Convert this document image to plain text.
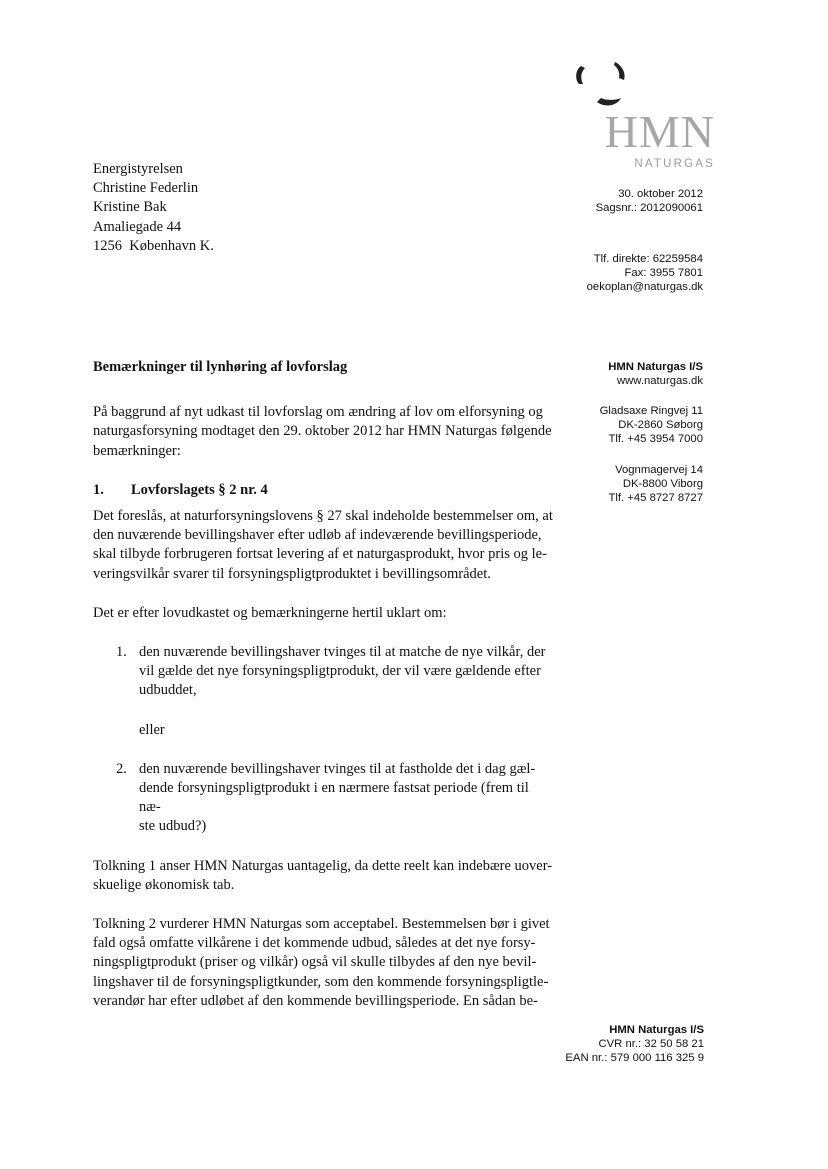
HMN
NATURGAS
Energistyrelsen
Christine Federlin
Kristine Bak
Amaliegade 44
1256  København K.
30. oktober 2012
Sagsnr.: 2012090061
Tlf. direkte: 62259584
Fax: 3955 7801
oekoplan@naturgas.dk
HMN Naturgas I/S
www.naturgas.dk
Gladsaxe Ringvej 11
DK-2860 Søborg
Tlf. +45 3954 7000
Vognmagervej 14
DK-8800 Viborg
Tlf. +45 8727 8727

Bemærkninger til lynhøring af lovforslag

På baggrund af nyt udkast til lovforslag om ændring af lov om elforsyning og
naturgasforsyning modtaget den 29. oktober 2012 har HMN Naturgas følgende
bemærkninger:

1.	Lovforslagets § 2 nr. 4

Det foreslås, at naturforsyningslovens § 27 skal indeholde bestemmelser om, at
den nuværende bevillingshaver efter udløb af indeværende bevillingsperiode,
skal tilbyde forbrugeren fortsat levering af et naturgasprodukt, hvor pris og le-
veringsvilkår svarer til forsyningspligtproduktet i bevillingsområdet.

Det er efter lovudkastet og bemærkningerne hertil uklart om:

1. den nuværende bevillingshaver tvinges til at matche de nye vilkår, der
vil gælde det nye forsyningspligtprodukt, der vil være gældende efter
udbuddet,
eller
2. den nuværende bevillingshaver tvinges til at fastholde det i dag gæl-
dende forsyningspligtprodukt i en nærmere fastsat periode (frem til næ-
ste udbud?)

Tolkning 1 anser HMN Naturgas uantagelig, da dette reelt kan indebære uover-
skuelige økonomisk tab.

Tolkning 2 vurderer HMN Naturgas som acceptabel. Bestemmelsen bør i givet
fald også omfatte vilkårene i det kommende udbud, således at det nye forsy-
ningspligtprodukt (priser og vilkår) også vil skulle tilbydes af den nye bevil-
lingshaver til de forsyningspligtkunder, som den kommende forsyningspligtle-
verandør har efter udløbet af den kommende bevillingsperiode. En sådan be-

HMN Naturgas I/S
CVR nr.: 32 50 58 21
EAN nr.: 579 000 116 325 9
